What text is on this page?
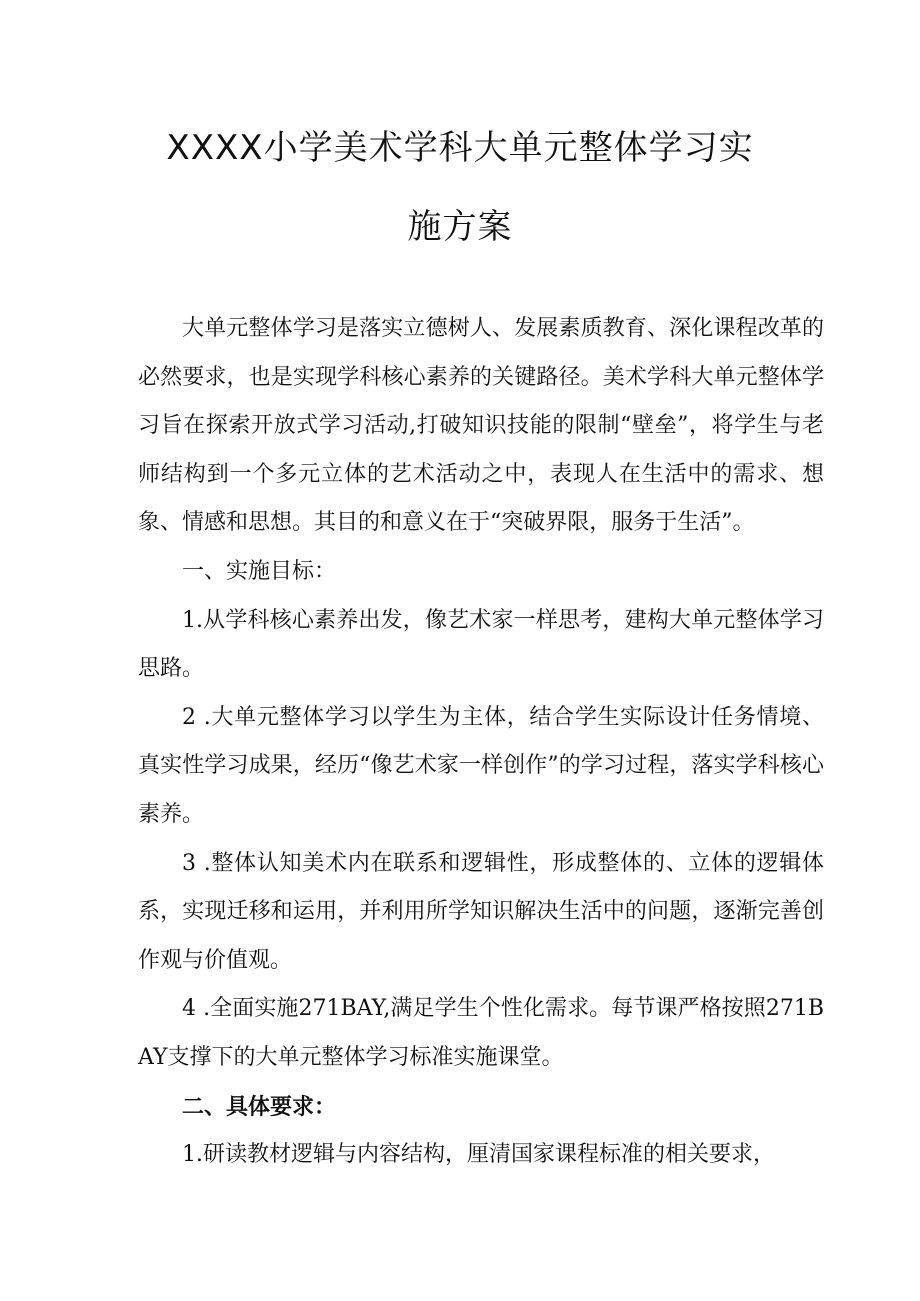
XXXX小学美术学科大单元整体学习实
施方案

大单元整体学习是落实立德树人、发展素质教育、深化课程改革的必然要求，也是实现学科核心素养的关键路径。美术学科大单元整体学习旨在探索开放式学习活动,打破知识技能的限制“壁垒”，将学生与老师结构到一个多元立体的艺术活动之中，表现人在生活中的需求、想象、情感和思想。其目的和意义在于“突破界限，服务于生活”。

一、实施目标：

1.从学科核心素养出发，像艺术家一样思考，建构大单元整体学习思路。

2 .大单元整体学习以学生为主体，结合学生实际设计任务情境、真实性学习成果，经历“像艺术家一样创作”的学习过程，落实学科核心素养。

3 .整体认知美术内在联系和逻辑性，形成整体的、立体的逻辑体系，实现迁移和运用，并利用所学知识解决生活中的问题，逐渐完善创作观与价值观。

4 .全面实施271BAY,满足学生个性化需求。每节课严格按照271BAY支撑下的大单元整体学习标准实施课堂。

二、具体要求：

1.研读教材逻辑与内容结构，厘清国家课程标准的相关要求，
